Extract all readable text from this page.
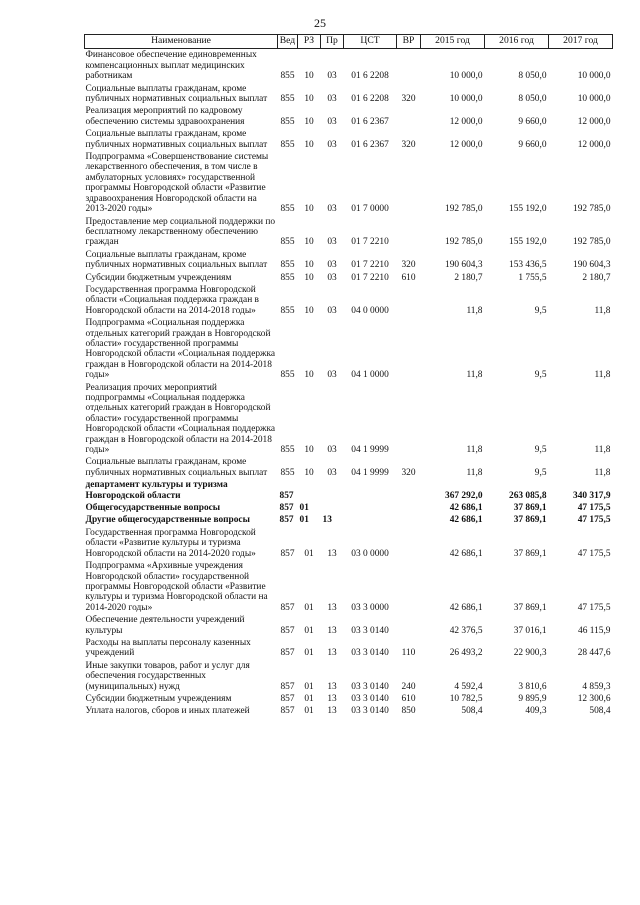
25
Наименование	Вед	РЗ	Пр	ЦСТ	ВР	2015 год	2016 год	2017 год
Финансовое обеспечение единовременных компенсационных выплат медицинских работникам	855	10	03	01 6 2208		10 000,0	8 050,0	10 000,0
Социальные выплаты гражданам, кроме публичных нормативных социальных выплат	855	10	03	01 6 2208	320	10 000,0	8 050,0	10 000,0
Реализация мероприятий по кадровому обеспечению системы здравоохранения	855	10	03	01 6 2367		12 000,0	9 660,0	12 000,0
Социальные выплаты гражданам, кроме публичных нормативных социальных выплат	855	10	03	01 6 2367	320	12 000,0	9 660,0	12 000,0
Подпрограмма «Совершенствование системы лекарственного обеспечения, в том числе в амбулаторных условиях» государственной программы Новгородской области «Развитие здравоохранения Новгородской области на 2013-2020 годы»	855	10	03	01 7 0000		192 785,0	155 192,0	192 785,0
Предоставление мер социальной поддержки по бесплатному лекарственному обеспечению граждан	855	10	03	01 7 2210		192 785,0	155 192,0	192 785,0
Социальные выплаты гражданам, кроме публичных нормативных социальных выплат	855	10	03	01 7 2210	320	190 604,3	153 436,5	190 604,3
Субсидии бюджетным учреждениям	855	10	03	01 7 2210	610	2 180,7	1 755,5	2 180,7
Государственная программа Новгородской области «Социальная поддержка граждан в Новгородской области на 2014-2018 годы»	855	10	03	04 0 0000		11,8	9,5	11,8
Подпрограмма «Социальная поддержка отдельных категорий граждан в Новгородской области» государственной программы Новгородской области «Социальная поддержка граждан в Новгородской области на 2014-2018 годы»	855	10	03	04 1 0000		11,8	9,5	11,8
Реализация прочих мероприятий подпрограммы «Социальная поддержка отдельных категорий граждан в Новгородской области» государственной программы Новгородской области «Социальная поддержка граждан в Новгородской области на 2014-2018 годы»	855	10	03	04 1 9999		11,8	9,5	11,8
Социальные выплаты гражданам, кроме публичных нормативных социальных выплат	855	10	03	04 1 9999	320	11,8	9,5	11,8
департамент культуры и туризма Новгородской области	857					367 292,0	263 085,8	340 317,9
Общегосударственные вопросы	857	01				42 686,1	37 869,1	47 175,5
Другие общегосударственные вопросы	857	01	13			42 686,1	37 869,1	47 175,5
Государственная программа Новгородской области «Развитие культуры и туризма Новгородской области на 2014-2020 годы»	857	01	13	03 0 0000		42 686,1	37 869,1	47 175,5
Подпрограмма «Архивные учреждения Новгородской области» государственной программы Новгородской области «Развитие культуры и туризма Новгородской области на 2014-2020 годы»	857	01	13	03 3 0000		42 686,1	37 869,1	47 175,5
Обеспечение деятельности учреждений культуры	857	01	13	03 3 0140		42 376,5	37 016,1	46 115,9
Расходы на выплаты персоналу казенных учреждений	857	01	13	03 3 0140	110	26 493,2	22 900,3	28 447,6
Иные закупки товаров, работ и услуг для обеспечения государственных (муниципальных) нужд	857	01	13	03 3 0140	240	4 592,4	3 810,6	4 859,3
Субсидии бюджетным учреждениям	857	01	13	03 3 0140	610	10 782,5	9 895,9	12 300,6
Уплата налогов, сборов и иных платежей	857	01	13	03 3 0140	850	508,4	409,3	508,4
